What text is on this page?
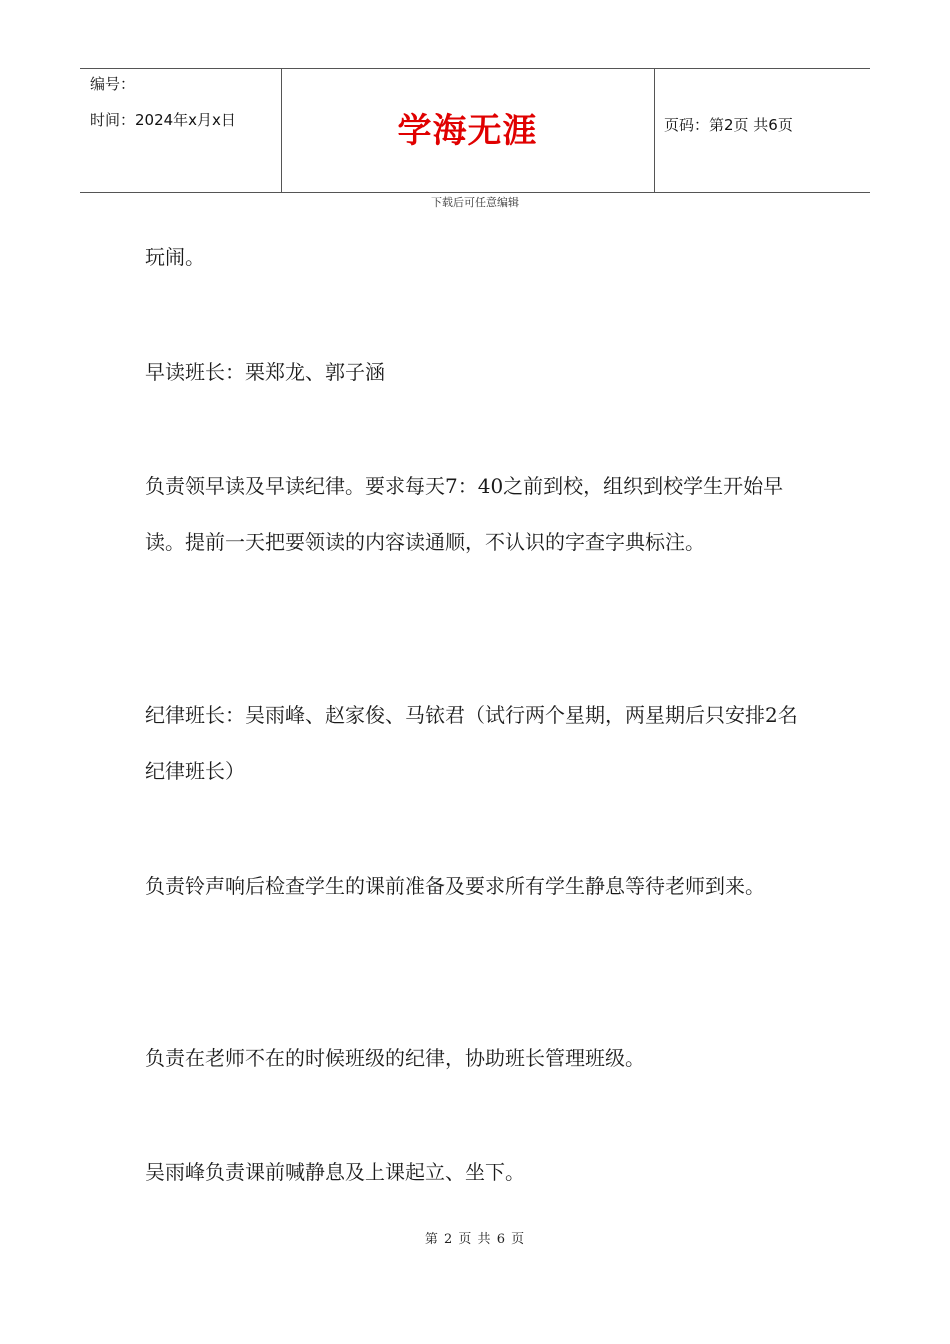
编号：
时间：2024年x月x日	学海无涯	页码：第2页 共6页
下载后可任意编辑

玩闹。

早读班长：栗郑龙、郭子涵

负责领早读及早读纪律。要求每天7：40之前到校，组织到校学生开始早读。提前一天把要领读的内容读通顺，不认识的字查字典标注。

纪律班长：吴雨峰、赵家俊、马铱君（试行两个星期，两星期后只安排2名纪律班长）

负责铃声响后检查学生的课前准备及要求所有学生静息等待老师到来。

负责在老师不在的时候班级的纪律，协助班长管理班级。

吴雨峰负责课前喊静息及上课起立、坐下。

第 2 页 共 6 页
